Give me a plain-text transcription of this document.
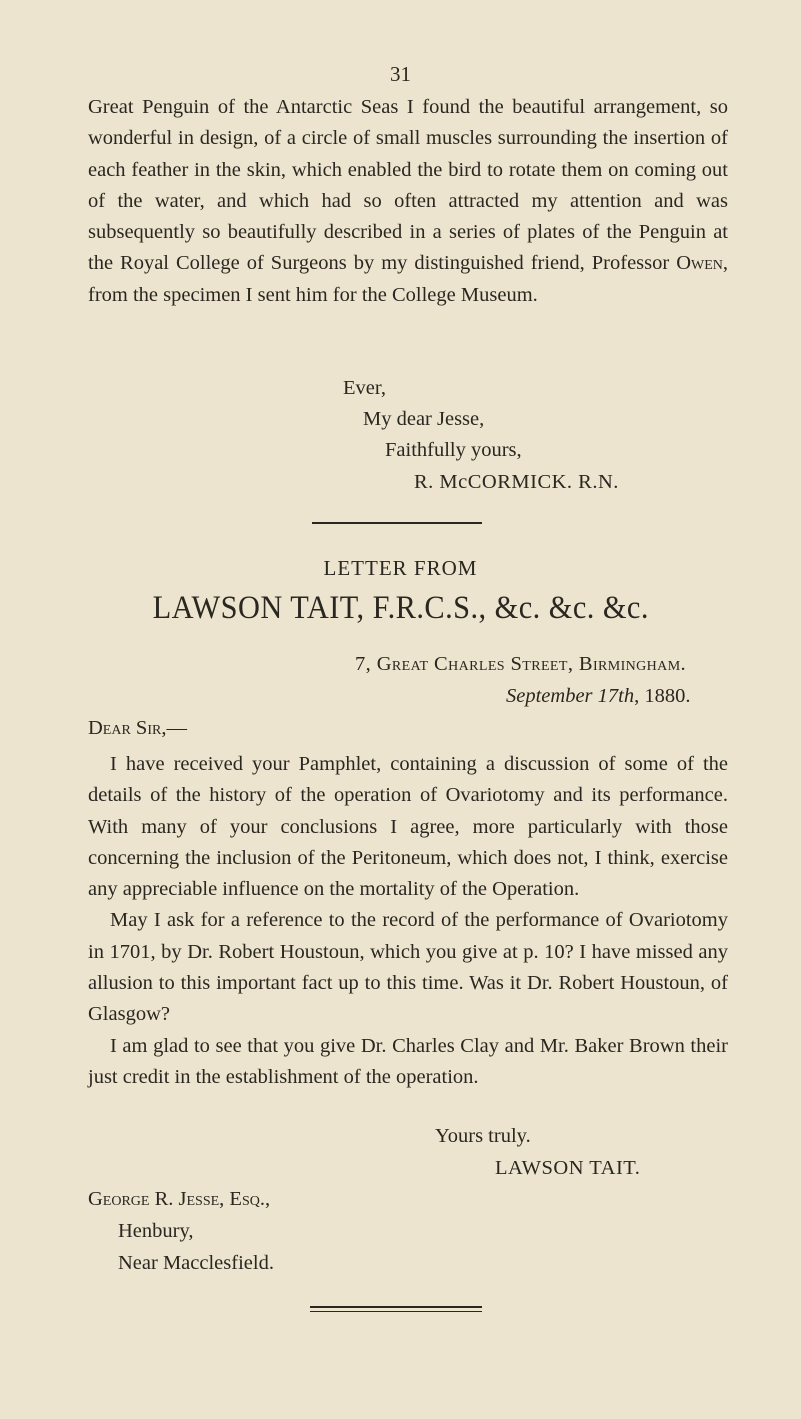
31

Great Penguin of the Antarctic Seas I found the beautiful arrangement, so wonderful in design, of a circle of small muscles surrounding the insertion of each feather in the skin, which enabled the bird to rotate them on coming out of the water, and which had so often attracted my attention and was subsequently so beautifully described in a series of plates of the Penguin at the Royal College of Surgeons by my distinguished friend, Professor Owen, from the specimen I sent him for the College Museum.

Ever,
My dear Jesse,
Faithfully yours,
R. McCORMICK. R.N.
LETTER FROM
LAWSON TAIT, F.R.C.S., &c. &c. &c.
7, Great Charles Street, Birmingham.
September 17th, 1880.
Dear Sir,—

I have received your Pamphlet, containing a discussion of some of the details of the history of the operation of Ovariotomy and its performance. With many of your conclusions I agree, more particularly with those concerning the inclusion of the Peritoneum, which does not, I think, exercise any appreciable influence on the mortality of the Operation.

May I ask for a reference to the record of the performance of Ovariotomy in 1701, by Dr. Robert Houstoun, which you give at p. 10? I have missed any allusion to this important fact up to this time. Was it Dr. Robert Houstoun, of Glasgow?

I am glad to see that you give Dr. Charles Clay and Mr. Baker Brown their just credit in the establishment of the operation.

Yours truly.
LAWSON TAIT.
George R. Jesse, Esq.,
Henbury,
Near Macclesfield.
